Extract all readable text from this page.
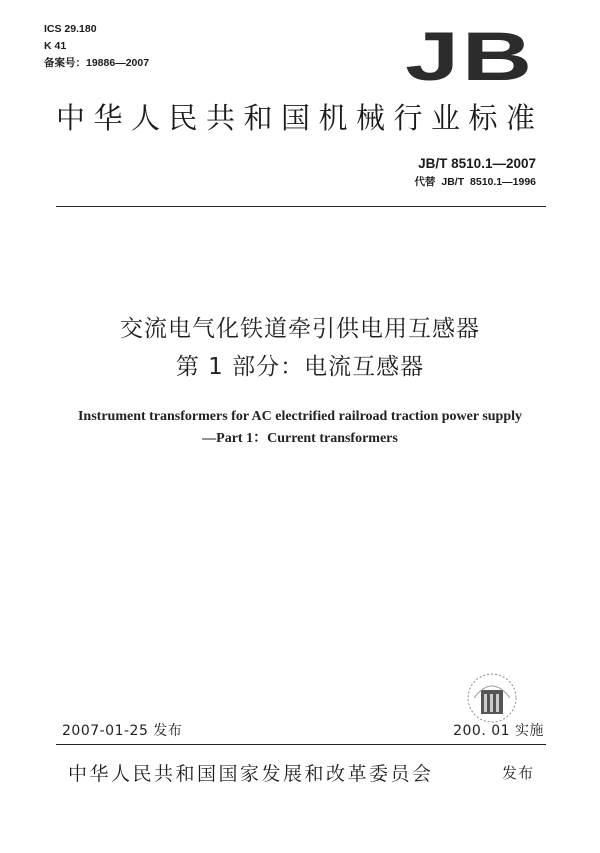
ICS 29.180
K 41
备案号：19886—2007	JB
中华人民共和国机械行业标准
JB/T 8510.1—2007
代替 JB/T 8510.1—1996
交流电气化铁道牵引供电用互感器
第 1 部分：电流互感器
Instrument transformers for AC electrified railroad traction power supply
—Part 1：Current transformers
2007-01-25 发布	200. 01 实施
中华人民共和国国家发展和改革委员会	发布
